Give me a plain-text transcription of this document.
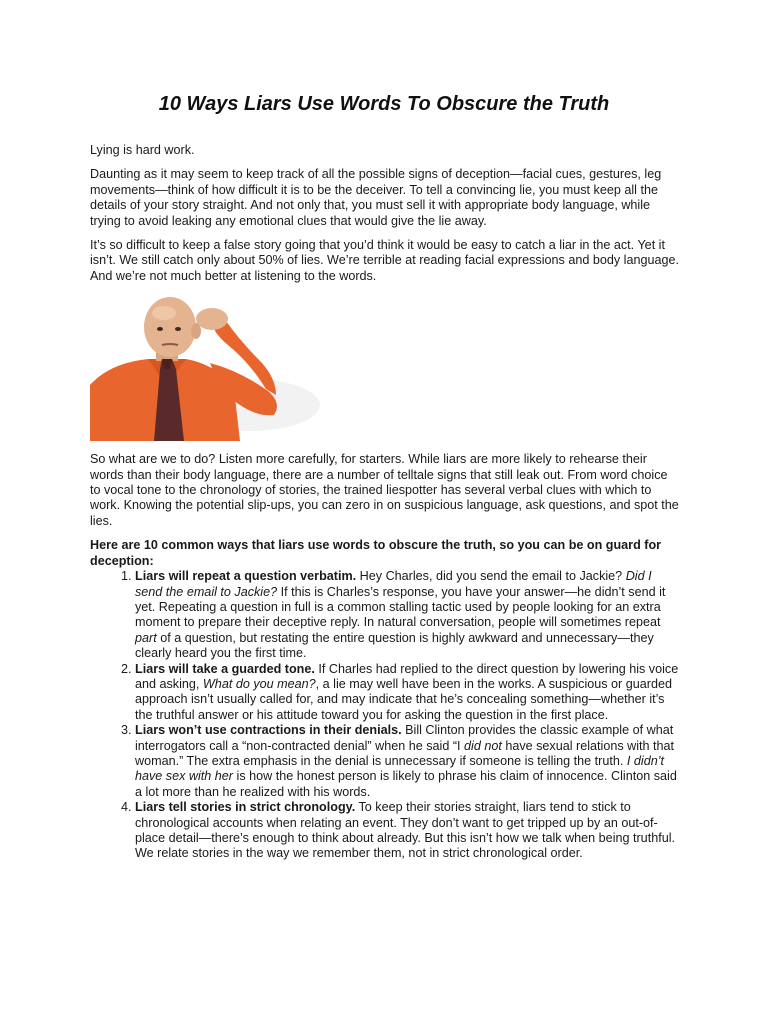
10 Ways Liars Use Words To Obscure the Truth

Lying is hard work.

Daunting as it may seem to keep track of all the possible signs of deception—facial cues, gestures, leg movements—think of how difficult it is to be the deceiver. To tell a convincing lie, you must keep all the details of your story straight. And not only that, you must sell it with appropriate body language, while trying to avoid leaking any emotional clues that would give the lie away.

It’s so difficult to keep a false story going that you’d think it would be easy to catch a liar in the act. Yet it isn’t. We still catch only about 50% of lies. We’re terrible at reading facial expressions and body language. And we’re not much better at listening to the words.

So what are we to do? Listen more carefully, for starters. While liars are more likely to rehearse their words than their body language, there are a number of telltale signs that still leak out. From word choice to vocal tone to the chronology of stories, the trained liespotter has several verbal clues with which to work. Knowing the potential slip-ups, you can zero in on suspicious language, ask questions, and spot the lies.

Here are 10 common ways that liars use words to obscure the truth, so you can be on guard for deception:

1. Liars will repeat a question verbatim. Hey Charles, did you send the email to Jackie? Did I send the email to Jackie? If this is Charles’s response, you have your answer—he didn’t send it yet. Repeating a question in full is a common stalling tactic used by people looking for an extra moment to prepare their deceptive reply. In natural conversation, people will sometimes repeat part of a question, but restating the entire question is highly awkward and unnecessary—they clearly heard you the first time.
2. Liars will take a guarded tone. If Charles had replied to the direct question by lowering his voice and asking, What do you mean?, a lie may well have been in the works. A suspicious or guarded approach isn’t usually called for, and may indicate that he’s concealing something—whether it’s the truthful answer or his attitude toward you for asking the question in the first place.
3. Liars won’t use contractions in their denials. Bill Clinton provides the classic example of what interrogators call a “non-contracted denial” when he said “I did not have sexual relations with that woman.” The extra emphasis in the denial is unnecessary if someone is telling the truth. I didn’t have sex with her is how the honest person is likely to phrase his claim of innocence. Clinton said a lot more than he realized with his words.
4. Liars tell stories in strict chronology. To keep their stories straight, liars tend to stick to chronological accounts when relating an event. They don’t want to get tripped up by an out-of-place detail—there’s enough to think about already. But this isn’t how we talk when being truthful. We relate stories in the way we remember them, not in strict chronological order.
